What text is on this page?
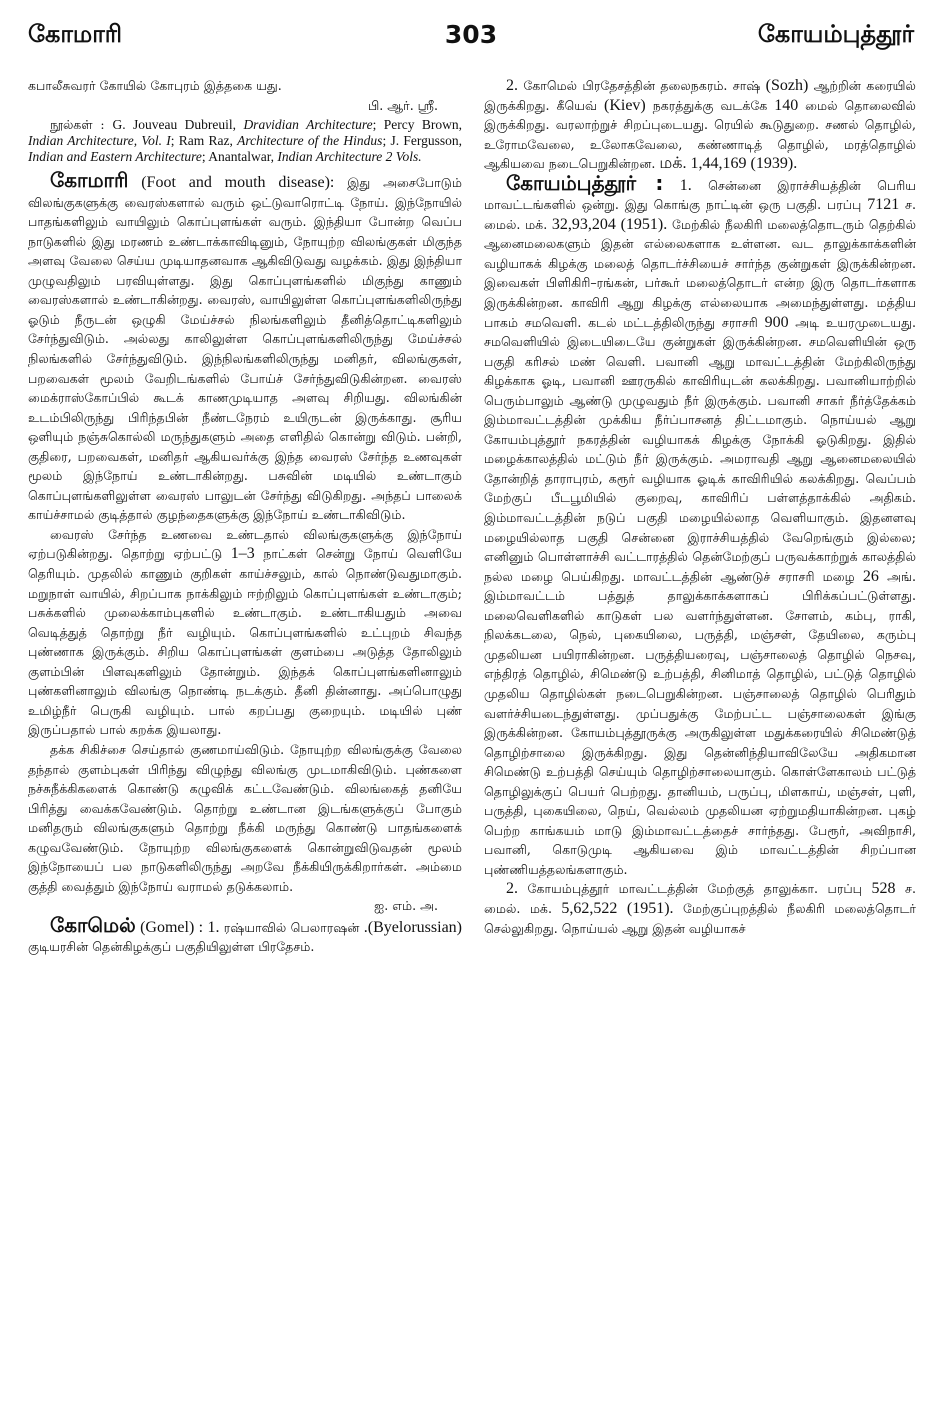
கோமாரி	303	கோயம்புத்தூர்

கபாலீசுவரர் கோயில் கோபுரம் இத்தகை யது.
பி. ஆர். ஸ்ரீ.

நூல்கள் : G. Jouveau Dubreuil, Dravidian Architecture; Percy Brown, Indian Architecture, Vol. I; Ram Raz, Architecture of the Hindus; J. Fergusson, Indian and Eastern Architecture; Anantalwar, Indian Architecture 2 Vols.

கோமாரி (Foot and mouth disease): இது அசைபோடும் விலங்குகளுக்கு வைரஸ்களால் வரும் ஒட்டுவாரொட்டி நோய். இந்நோயில் பாதங்களிலும் வாயிலும் கொப்புளங்கள் வரும். இந்தியா போன்ற வெப்ப நாடுகளில் இது மரணம் உண்டாக்காவிடினும், நோயுற்ற விலங்குகள் மிகுந்த அளவு வேலை செய்ய முடியாதனவாக ஆகிவிடுவது வழக்கம். இது இந்தியா முழுவதிலும் பரவியுள்ளது. இது கொப்புளங்களில் மிகுந்து காணும் வைரஸ்களால் உண்டாகின்றது. வைரஸ், வாயிலுள்ள கொப்புளங்களிலிருந்து ஓடும் நீருடன் ஒழுகி மேய்ச்சல் நிலங்களிலும் தீனித்தொட்டிகளிலும் சேர்ந்துவிடும். அல்லது காலிலுள்ள கொப்புளங்களிலிருந்து மேய்ச்சல் நிலங்களில் சேர்ந்துவிடும். இந்நிலங்களிலிருந்து மனிதர், விலங்குகள், பறவைகள் மூலம் வேறிடங்களில் போய்ச் சேர்ந்துவிடுகின்றன. வைரஸ் மைக்ராஸ்கோப்பில் கூடக் காணமுடியாத அளவு சிறியது. விலங்கின் உடம்பிலிருந்து பிரிந்தபின் நீண்டநேரம் உயிருடன் இருக்காது. சூரிய ஒளியும் நஞ்சுகொல்லி மருந்துகளும் அதை எளிதில் கொன்று விடும். பன்றி, குதிரை, பறவைகள், மனிதர் ஆகியவர்க்கு இந்த வைரஸ் சேர்ந்த உணவுகள் மூலம் இந்நோய் உண்டாகின்றது. பசுவின் மடியில் உண்டாகும் கொப்புளங்களிலுள்ள வைரஸ் பாலுடன் சேர்ந்து விடுகிறது. அந்தப் பாலைக் காய்ச்சாமல் குடித்தால் குழந்தைகளுக்கு இந்நோய் உண்டாகிவிடும்.

வைரஸ் சேர்ந்த உணவை உண்டதால் விலங்குகளுக்கு இந்நோய் ஏற்படுகின்றது. தொற்று ஏற்பட்டு 1–3 நாட்கள் சென்று நோய் வெளியே தெரியும். முதலில் காணும் குறிகள் காய்ச்சலும், கால் நொண்டுவதுமாகும். மறுநாள் வாயில், சிறப்பாக நாக்கிலும் ஈற்றிலும் கொப்புளங்கள் உண்டாகும்; பசுக்களில் முலைக்காம்புகளில் உண்டாகும். உண்டாகியதும் அவை வெடித்துத் தொற்று நீர் வழியும். கொப்புளங்களில் உட்புறம் சிவந்த புண்ணாக இருக்கும். சிறிய கொப்புளங்கள் குளம்பை அடுத்த தோலிலும் குளம்பின் பிளவுகளிலும் தோன்றும். இந்தக் கொப்புளங்களினாலும் புண்களினாலும் விலங்கு நொண்டி நடக்கும். தீனி தின்னாது. அப்பொழுது உமிழ்நீர் பெருகி வழியும். பால் கறப்பது குறையும். மடியில் புண் இருப்பதால் பால் கறக்க இயலாது.

தக்க சிகிச்சை செய்தால் குணமாய்விடும். நோயுற்ற விலங்குக்கு வேலை தந்தால் குளம்புகள் பிரிந்து விழுந்து விலங்கு முடமாகிவிடும். புண்களை நச்சுநீக்கிகளைக் கொண்டு கழுவிக் கட்டவேண்டும். விலங்கைத் தனியே பிரித்து வைக்கவேண்டும். தொற்று உண்டான இடங்களுக்குப் போகும் மனிதரும் விலங்குகளும் தொற்று நீக்கி மருந்து கொண்டு பாதங்களைக் கழுவவேண்டும். நோயுற்ற விலங்குகளைக் கொன்றுவிடுவதன் மூலம் இந்நோயைப் பல நாடுகளிலிருந்து அறவே நீக்கியிருக்கிறார்கள். அம்மை குத்தி வைத்தும் இந்நோய் வராமல் தடுக்கலாம்.
ஐ. எம். அ.

கோமெல் (Gomel) : 1. ரஷ்யாவில் பெலாரஷன் .(Byelorussian) குடியரசின் தென்கிழக்குப் பகுதியிலுள்ள பிரதேசம்.

2. கோமெல் பிரதேசத்தின் தலைநகரம். சாஷ் (Sozh) ஆற்றின் கரையில் இருக்கிறது. கீயெவ் (Kiev) நகரத்துக்கு வடக்கே 140 மைல் தொலைவில் இருக்கிறது. வரலாற்றுச் சிறப்புடையது. ரெயில் கூடுதுறை. சணல் தொழில், உரோமவேலை, உலோகவேலை, கண்ணாடித் தொழில், மரத்தொழில் ஆகியவை நடைபெறுகின்றன. மக். 1,44,169 (1939).

கோயம்புத்தூர் : 1. சென்னை இராச்சியத்தின் பெரிய மாவட்டங்களில் ஒன்று. இது கொங்கு நாட்டின் ஒரு பகுதி. பரப்பு 7121 ச. மைல். மக். 32,93,204 (1951). மேற்கில் நீலகிரி மலைத்தொடரும் தெற்கில் ஆனைமலைகளும் இதன் எல்லைகளாக உள்ளன. வட தாலுக்காக்களின் வழியாகக் கிழக்கு மலைத் தொடர்ச்சியைச் சார்ந்த குன்றுகள் இருக்கின்றன. இவைகள் பிளிகிரி–ரங்கன், பர்கூர் மலைத்தொடர் என்ற இரு தொடர்களாக இருக்கின்றன. காவிரி ஆறு கிழக்கு எல்லையாக அமைந்துள்ளது. மத்திய பாகம் சமவெளி. கடல் மட்டத்திலிருந்து சராசரி 900 அடி உயரமுடையது. சமவெளியில் இடையிடையே குன்றுகள் இருக்கின்றன. சமவெளியின் ஒரு பகுதி கரிசல் மண் வெளி. பவானி ஆறு மாவட்டத்தின் மேற்கிலிருந்து கிழக்காக ஓடி, பவானி ஊரருகில் காவிரியுடன் கலக்கிறது. பவானியாற்றில் பெரும்பாலும் ஆண்டு முழுவதும் நீர் இருக்கும். பவானி சாகர் நீர்த்தேக்கம் இம்மாவட்டத்தின் முக்கிய நீர்ப்பாசனத் திட்டமாகும். நொய்யல் ஆறு கோயம்புத்தூர் நகரத்தின் வழியாகக் கிழக்கு நோக்கி ஓடுகிறது. இதில் மழைக்காலத்தில் மட்டும் நீர் இருக்கும். அமராவதி ஆறு ஆனைமலையில் தோன்றித் தாராபுரம், கரூர் வழியாக ஓடிக் காவிரியில் கலக்கிறது. வெப்பம் மேற்குப் பீடபூமியில் குறைவு, காவிரிப் பள்ளத்தாக்கில் அதிகம். இம்மாவட்டத்தின் நடுப் பகுதி மழையில்லாத வெளியாகும். இதனளவு மழையில்லாத பகுதி சென்னை இராச்சியத்தில் வேறெங்கும் இல்லை; எனினும் பொள்ளாச்சி வட்டாரத்தில் தென்மேற்குப் பருவக்காற்றுக் காலத்தில் நல்ல மழை பெய்கிறது. மாவட்டத்தின் ஆண்டுச் சராசரி மழை 26 அங். இம்மாவட்டம் பத்துத் தாலுக்காக்களாகப் பிரிக்கப்பட்டுள்ளது. மலைவெளிகளில் காடுகள் பல வளர்ந்துள்ளன. சோளம், கம்பு, ராகி, நிலக்கடலை, நெல், புகையிலை, பருத்தி, மஞ்சள், தேயிலை, கரும்பு முதலியன பயிராகின்றன. பருத்தியரைவு, பஞ்சாலைத் தொழில் நெசவு, எந்திரத் தொழில், சிமெண்டு உற்பத்தி, சினிமாத் தொழில், பட்டுத் தொழில் முதலிய தொழில்கள் நடைபெறுகின்றன. பஞ்சாலைத் தொழில் பெரிதும் வளர்ச்சியடைந்துள்ளது. முப்பதுக்கு மேற்பட்ட பஞ்சாலைகள் இங்கு இருக்கின்றன. கோயம்புத்தூருக்கு அருகிலுள்ள மதுக்கரையில் சிமெண்டுத் தொழிற்சாலை இருக்கிறது. இது தென்னிந்தியாவிலேயே அதிகமான சிமெண்டு உற்பத்தி செய்யும் தொழிற்சாலையாகும். கொள்ளேகாலம் பட்டுத் தொழிலுக்குப் பெயர் பெற்றது. தானியம், பருப்பு, மிளகாய், மஞ்சள், புளி, பருத்தி, புகையிலை, நெய், வெல்லம் முதலியன ஏற்றுமதியாகின்றன. புகழ் பெற்ற காங்கயம் மாடு இம்மாவட்டத்தைச் சார்ந்தது. பேரூர், அவிநாசி, பவானி, கொடுமுடி ஆகியவை இம் மாவட்டத்தின் சிறப்பான புண்ணியத்தலங்களாகும்.

2. கோயம்புத்தூர் மாவட்டத்தின் மேற்குத் தாலுக்கா. பரப்பு 528 ச. மைல். மக். 5,62,522 (1951). மேற்குப்புறத்தில் நீலகிரி மலைத்தொடர் செல்லுகிறது. நொய்யல் ஆறு இதன் வழியாகச்
